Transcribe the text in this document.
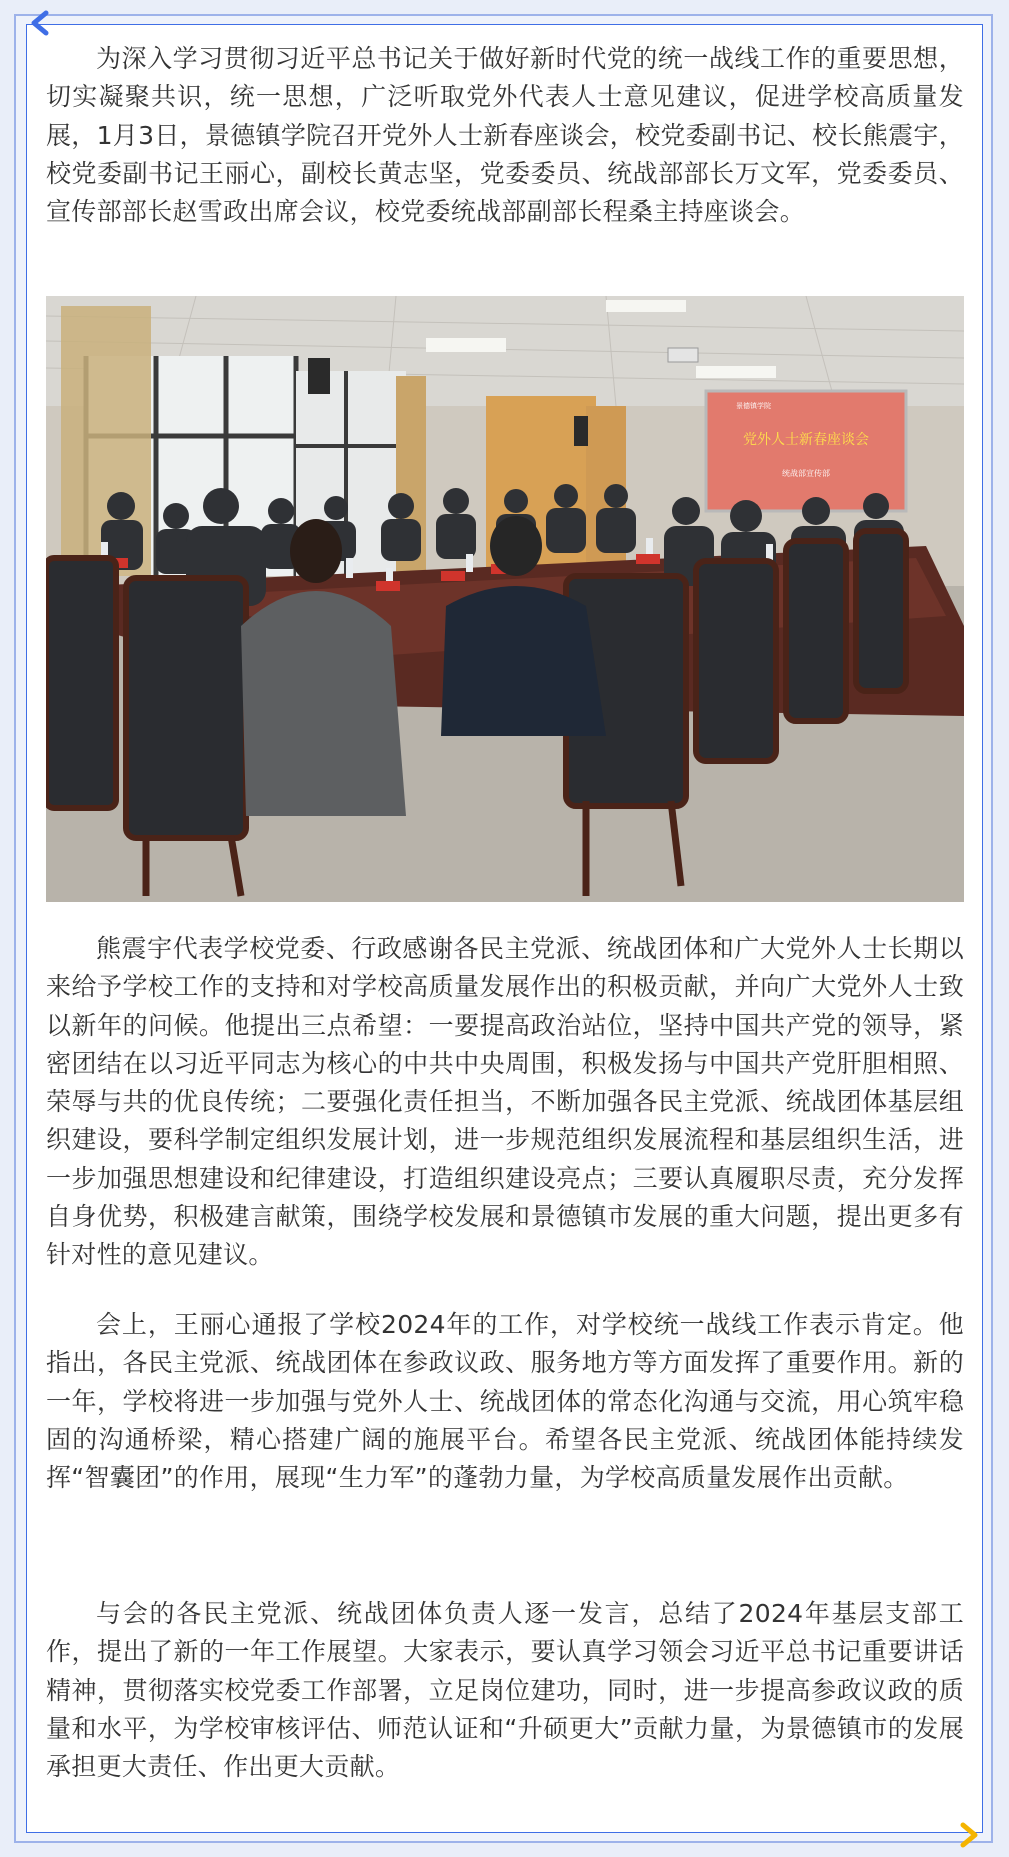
为深入学习贯彻习近平总书记关于做好新时代党的统一战线工作的重要思想，切实凝聚共识，统一思想，广泛听取党外代表人士意见建议，促进学校高质量发展，1月3日，景德镇学院召开党外人士新春座谈会，校党委副书记、校长熊震宇，校党委副书记王丽心，副校长黄志坚，党委委员、统战部部长万文军，党委委员、宣传部部长赵雪政出席会议，校党委统战部副部长程桑主持座谈会。

党外人士新春座谈会
景德镇学院
统战部宣传部

熊震宇代表学校党委、行政感谢各民主党派、统战团体和广大党外人士长期以来给予学校工作的支持和对学校高质量发展作出的积极贡献，并向广大党外人士致以新年的问候。他提出三点希望：一要提高政治站位，坚持中国共产党的领导，紧密团结在以习近平同志为核心的中共中央周围，积极发扬与中国共产党肝胆相照、荣辱与共的优良传统；二要强化责任担当，不断加强各民主党派、统战团体基层组织建设，要科学制定组织发展计划，进一步规范组织发展流程和基层组织生活，进一步加强思想建设和纪律建设，打造组织建设亮点；三要认真履职尽责，充分发挥自身优势，积极建言献策，围绕学校发展和景德镇市发展的重大问题，提出更多有针对性的意见建议。

会上，王丽心通报了学校2024年的工作，对学校统一战线工作表示肯定。他指出，各民主党派、统战团体在参政议政、服务地方等方面发挥了重要作用。新的一年，学校将进一步加强与党外人士、统战团体的常态化沟通与交流，用心筑牢稳固的沟通桥梁，精心搭建广阔的施展平台。希望各民主党派、统战团体能持续发挥“智囊团”的作用，展现“生力军”的蓬勃力量，为学校高质量发展作出贡献。

与会的各民主党派、统战团体负责人逐一发言，总结了2024年基层支部工作，提出了新的一年工作展望。大家表示，要认真学习领会习近平总书记重要讲话精神，贯彻落实校党委工作部署，立足岗位建功，同时，进一步提高参政议政的质量和水平，为学校审核评估、师范认证和“升硕更大”贡献力量，为景德镇市的发展承担更大责任、作出更大贡献。
